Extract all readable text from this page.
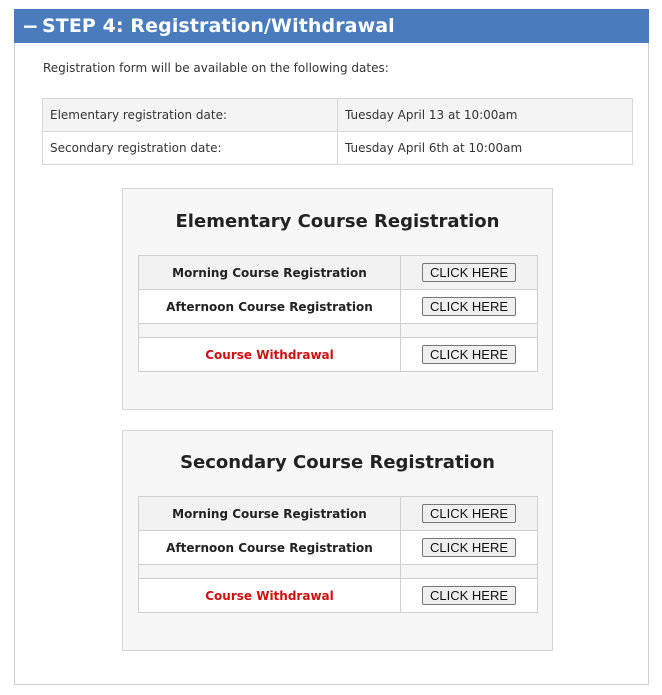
− STEP 4: Registration/Withdrawal
Registration form will be available on the following dates:
Elementary registration date:	Tuesday April 13 at 10:00am
Secondary registration date:	Tuesday April 6th at 10:00am
Elementary Course Registration
Morning Course Registration	CLICK HERE
Afternoon Course Registration	CLICK HERE

Course Withdrawal	CLICK HERE
Secondary Course Registration
Morning Course Registration	CLICK HERE
Afternoon Course Registration	CLICK HERE

Course Withdrawal	CLICK HERE
